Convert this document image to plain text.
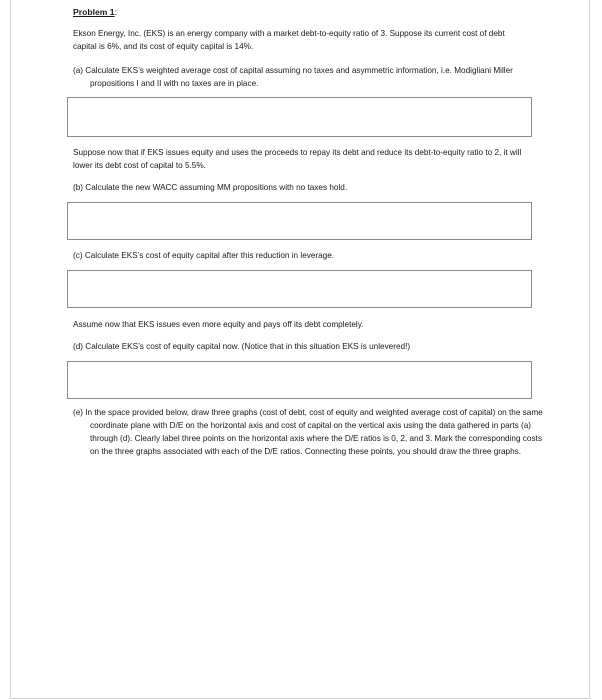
Problem 1:
Ekson Energy, Inc. (EKS) is an energy company with a market debt-to-equity ratio of 3. Suppose its current cost of debt capital is 6%, and its cost of equity capital is 14%.
(a) Calculate EKS’s weighted average cost of capital assuming no taxes and asymmetric information, i.e. Modigliani Miller propositions I and II with no taxes are in place.
Suppose now that if EKS issues equity and uses the proceeds to repay its debt and reduce its debt-to-equity ratio to 2, it will lower its debt cost of capital to 5.5%.
(b) Calculate the new WACC assuming MM propositions with no taxes hold.
(c) Calculate EKS’s cost of equity capital after this reduction in leverage.
Assume now that EKS issues even more equity and pays off its debt completely.
(d) Calculate EKS’s cost of equity capital now. (Notice that in this situation EKS is unlevered!)
(e) In the space provided below, draw three graphs (cost of debt, cost of equity and weighted average cost of capital) on the same coordinate plane with D/E on the horizontal axis and cost of capital on the vertical axis using the data gathered in parts (a) through (d). Clearly label three points on the horizontal axis where the D/E ratios is 0, 2, and 3. Mark the corresponding costs on the three graphs associated with each of the D/E ratios. Connecting these points, you should draw the three graphs.
